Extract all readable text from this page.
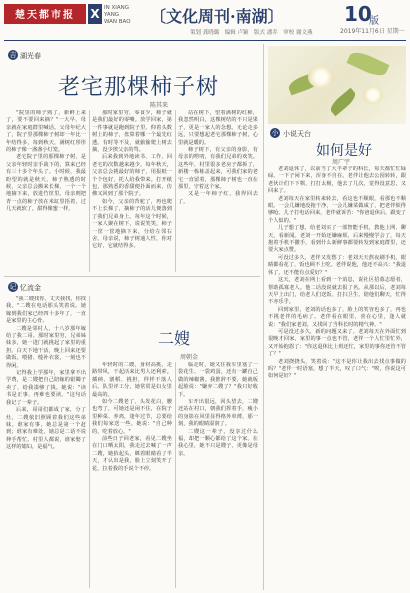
楚天都市报	X IN XIANG
YANG
WAN BAO 〔文化周刊·南湖〕	10
版
2019年11月6日 星期一
策划 龚晓璐　编辑 卢颖　版式 潘乔　审校 谢文燕
吉 湖光春
老宅那棵柿子树
陈其来

"院里的柿子熟了，新鲜上来了，要不要回来摘？"一大早，母亲就在家庭群里喊话。父母年纪大了，院子里那棵柿子树却一年比一年结得多，每到秋天，满树红彤彤的柿子像一盏盏小灯笼。

老宅院子里的那棵柿子树，是父亲年轻时亲手栽下的，算来已经有三十多个年头了。小时候，我最盼望的就是秋天，柿子熟透的时候，父亲总会搬来长梯，一个一个地摘下来，放进竹筐里。母亲则把青一点的柿子放在米缸里捂着，过几天就软了，甜得像蜜一样。

那时家里穷，零食少，柿子就是我们最好的零嘴。放学回家，第一件事就是跑到院子里，仰着头数树上的柿子，盘算着哪一个最先红透。有时等不及，就偷偷爬上树去摘，没少挨父亲的骂。

后来我到外地读书、工作，回老宅的次数越来越少。每年秋天，父亲总会挑最好的柿子，用报纸一个个包好，托人给我带来。打开纸包，那熟悉的香甜便扑面而来，仿佛又回到了那个院子。

如今，父亲的背驼了，再也爬不上长梯了，摘柿子的活儿便落到了我们兄弟身上。每年这个时候，一家人聚在树下，说说笑笑，柿子一筐一筐地摘下来，分给左邻右舍。母亲说，柿子树通人性，你对它好，它就结得多。

站在树下，望着满树的红柿，我忽然明白，这棵树结的不只是果子，更是一家人的念想。无论走多远，只要想起老宅那棵柿子树，心里就是暖的。

柿子树下，有父亲的身影，有母亲的唠叨，有我们兄弟的欢笑。这些年，村里很多老房子都拆了，新楼一栋栋盖起来，可我们家的老宅一直留着，那棵柿子树也一直在那里，守着这个家。

又是一年柿子红，我得回去了。

记 忆流金
二嫂
周朝金

"我二嫂找你，丈夫我找，你找我。"二嫂在电话那头笑着说。她嫁到我们家已经四十多年了，一直是家里的主心骨。

二嫂是邻村人，十八岁那年嫁给了我二哥。那时家里穷，兄弟姊妹多，她一进门就挑起了家里的重担。白天下地干活，晚上回来还要做饭、喂猪、缝补衣裳，一刻也不得闲。

记得我上学那年，家里拿不出学费，是二嫂把自己陪嫁的银镯子卖了，给我凑够了钱。她说："读书是正事，再难也要读。"这句话我记了一辈子。

后来，哥哥们都成了家，分了灶，二嫂依旧照顾着我们这些弟妹。谁家有事，她总是第一个赶到；谁家有难处，她总是二话不说伸手帮忙。村里人都说，谁家娶了这样的媳妇，是福气。

年轻时的二嫂，身材高挑，走路带风，干起活来比男人还利索。插秧、割稻、挑担，样样不落人后。队里评工分，她常常是妇女里最高的。

如今二嫂老了，头发花白，腰也弯了，可她还是闲不住，在院子里种菜、养鸡，逢年过节，总要给我们每家送一些。她说："自己种的，吃着放心。"

前些日子回老家，看见二嫂坐在门口晒太阳，我走过去喊了一声二嫂，她抬起头，眯着眼睛看了半天，才认出是我，脸上立刻笑开了花，拉着我的手说个不停。

临走时，她又往我车里塞了一袋花生、一袋鸡蛋，还有一罐自己做的辣椒酱。我推辞不要，她就板起脸说："嫌弃二嫂了？"我只好收下。

车开出很远，回头望去，二嫂还站在村口，朝我们挥着手，瘦小的身影在风里显得格外单薄。那一刻，我的眼睛湿润了。

二嫂这一辈子，没享过什么福，却把一颗心都给了这个家。在我心里，她不只是嫂子，更像是母亲。

小 小说天台
如何是好
周广宇

老刘退休了，以前当了大半辈子的科长，每天都忙忙碌碌，一下子闲下来，浑身不自在。老伴让他去公园转转，跟老伙计们下下棋、打打太极，他去了几次，觉得没意思，又回来了。

老刘每天在家里转来转去，看这也不顺眼，看那也不顺眼。一会儿嫌地没拖干净，一会儿嫌菜做咸了，把老伴烦得够呛。儿子打电话回来，老伴就诉苦："你爸退休后，跟变了个人似的。"

儿子想了想，给老刘买了一部智能手机，教他上网、聊天、看新闻。老刘一开始还嫌麻烦，后来慢慢学会了，每天抱着手机不撒手，看到什么新鲜事都要转发到家庭群里，还要大家点赞。

可没过多久，老伴又发愁了：老刘天天熬夜刷手机，眼睛都看花了，饭也顾不上吃。老伴说他，他还不高兴："我退休了，还不能有点爱好？"

这天，老刘在网上看到一个消息，说社区招募志愿者，帮助孤寡老人。他二话没说就去报了名。从那以后，老刘每天早上出门，给老人们送饭、打扫卫生、陪他们聊天，忙得不亦乐乎。

回到家里，老刘的话也多了，脸上的笑容也多了，再也不挑老伴的毛病了。老伴看在眼里，喜在心里，逢人就说："我们家老刘，又找回了当科长时的精气神。"

可是没过多久，新的问题又来了。老刘每天在外面忙到很晚才回家，家里的事一点也不管，老伴一个人忙里忙外，又开始抱怨了："你这退休比上班还忙，家里的事你还管不管了？"

老刘挠挠头，笑着说："这不是你让我出去找点事做的吗？"老伴一时语塞，想了半天，叹了口气："唉，你说这可如何是好？"
